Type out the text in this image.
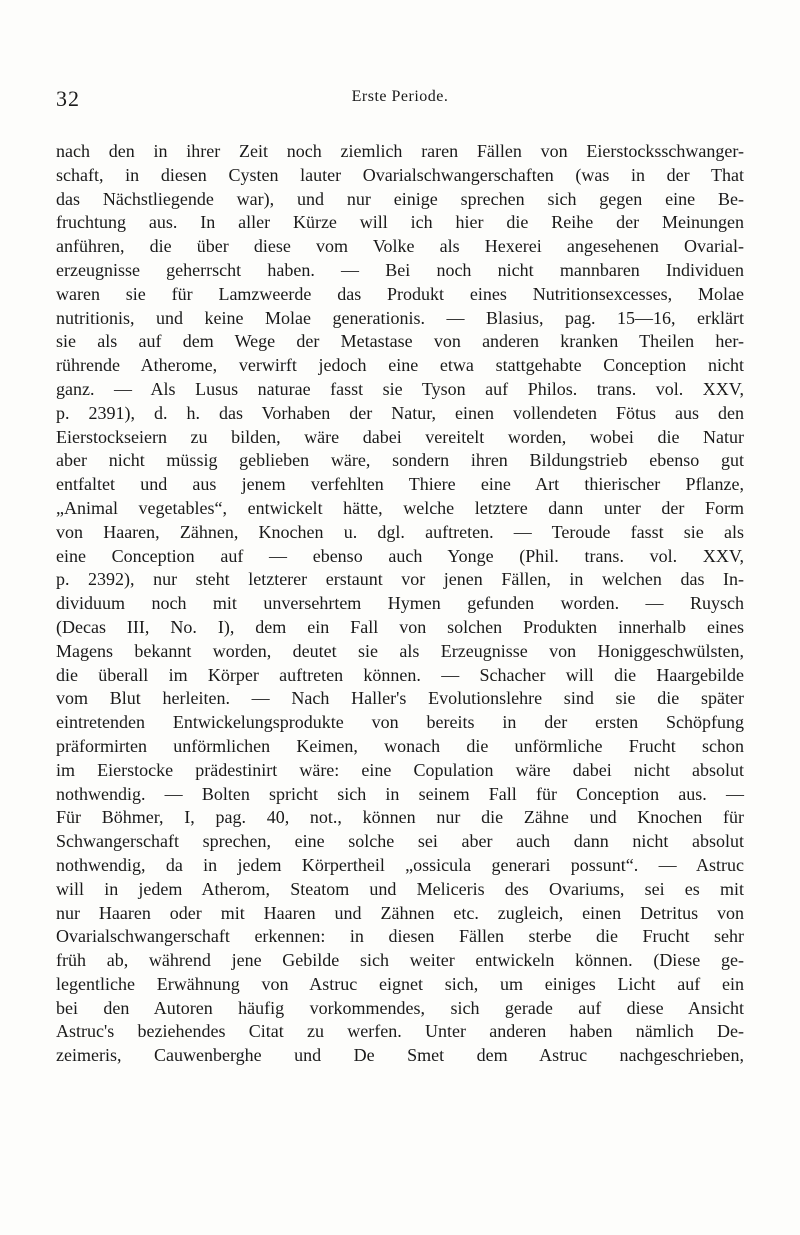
32	Erste Periode.
nach den in ihrer Zeit noch ziemlich raren Fällen von Eierstocksschwanger-
schaft, in diesen Cysten lauter Ovarialschwangerschaften (was in der That
das Nächstliegende war), und nur einige sprechen sich gegen eine Be-
fruchtung aus. In aller Kürze will ich hier die Reihe der Meinungen
anführen, die über diese vom Volke als Hexerei angesehenen Ovarial-
erzeugnisse geherrscht haben. — Bei noch nicht mannbaren Individuen
waren sie für Lamzweerde das Produkt eines Nutritionsexcesses, Molae
nutritionis, und keine Molae generationis. — Blasius, pag. 15—16, erklärt
sie als auf dem Wege der Metastase von anderen kranken Theilen her-
rührende Atherome, verwirft jedoch eine etwa stattgehabte Conception nicht
ganz. — Als Lusus naturae fasst sie Tyson auf Philos. trans. vol. XXV,
p. 2391), d. h. das Vorhaben der Natur, einen vollendeten Fötus aus den
Eierstockseiern zu bilden, wäre dabei vereitelt worden, wobei die Natur
aber nicht müssig geblieben wäre, sondern ihren Bildungstrieb ebenso gut
entfaltet und aus jenem verfehlten Thiere eine Art thierischer Pflanze,
„Animal vegetables“, entwickelt hätte, welche letztere dann unter der Form
von Haaren, Zähnen, Knochen u. dgl. auftreten. — Teroude fasst sie als
eine Conception auf — ebenso auch Yonge (Phil. trans. vol. XXV,
p. 2392), nur steht letzterer erstaunt vor jenen Fällen, in welchen das In-
dividuum noch mit unversehrtem Hymen gefunden worden. — Ruysch
(Decas III, No. I), dem ein Fall von solchen Produkten innerhalb eines
Magens bekannt worden, deutet sie als Erzeugnisse von Honiggeschwülsten,
die überall im Körper auftreten können. — Schacher will die Haargebilde
vom Blut herleiten. — Nach Haller's Evolutionslehre sind sie die später
eintretenden Entwickelungsprodukte von bereits in der ersten Schöpfung
präformirten unförmlichen Keimen, wonach die unförmliche Frucht schon
im Eierstocke prädestinirt wäre: eine Copulation wäre dabei nicht absolut
nothwendig. — Bolten spricht sich in seinem Fall für Conception aus. —
Für Böhmer, I, pag. 40, not., können nur die Zähne und Knochen für
Schwangerschaft sprechen, eine solche sei aber auch dann nicht absolut
nothwendig, da in jedem Körpertheil „ossicula generari possunt“. — Astruc
will in jedem Atherom, Steatom und Meliceris des Ovariums, sei es mit
nur Haaren oder mit Haaren und Zähnen etc. zugleich, einen Detritus von
Ovarialschwangerschaft erkennen: in diesen Fällen sterbe die Frucht sehr
früh ab, während jene Gebilde sich weiter entwickeln können. (Diese ge-
legentliche Erwähnung von Astruc eignet sich, um einiges Licht auf ein
bei den Autoren häufig vorkommendes, sich gerade auf diese Ansicht
Astruc's beziehendes Citat zu werfen. Unter anderen haben nämlich De-
zeimeris, Cauwenberghe und De Smet dem Astruc nachgeschrieben,
